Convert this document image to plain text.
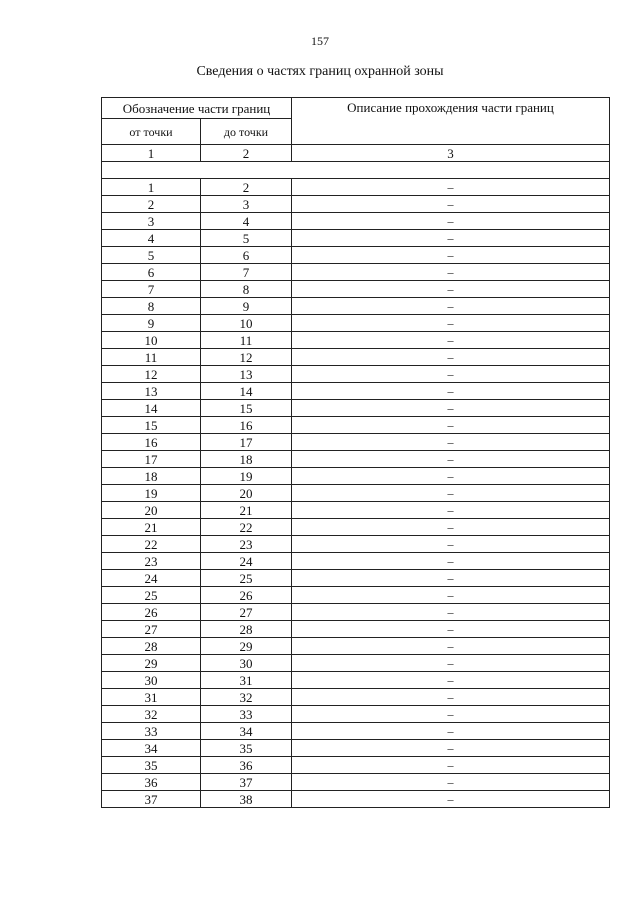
157
Сведения о частях границ охранной зоны
Обозначение части границ		Описание прохождения части границ
от точки	до точки	
1	2	3

1	2	–
2	3	–
3	4	–
4	5	–
5	6	–
6	7	–
7	8	–
8	9	–
9	10	–
10	11	–
11	12	–
12	13	–
13	14	–
14	15	–
15	16	–
16	17	–
17	18	–
18	19	–
19	20	–
20	21	–
21	22	–
22	23	–
23	24	–
24	25	–
25	26	–
26	27	–
27	28	–
28	29	–
29	30	–
30	31	–
31	32	–
32	33	–
33	34	–
34	35	–
35	36	–
36	37	–
37	38	–
